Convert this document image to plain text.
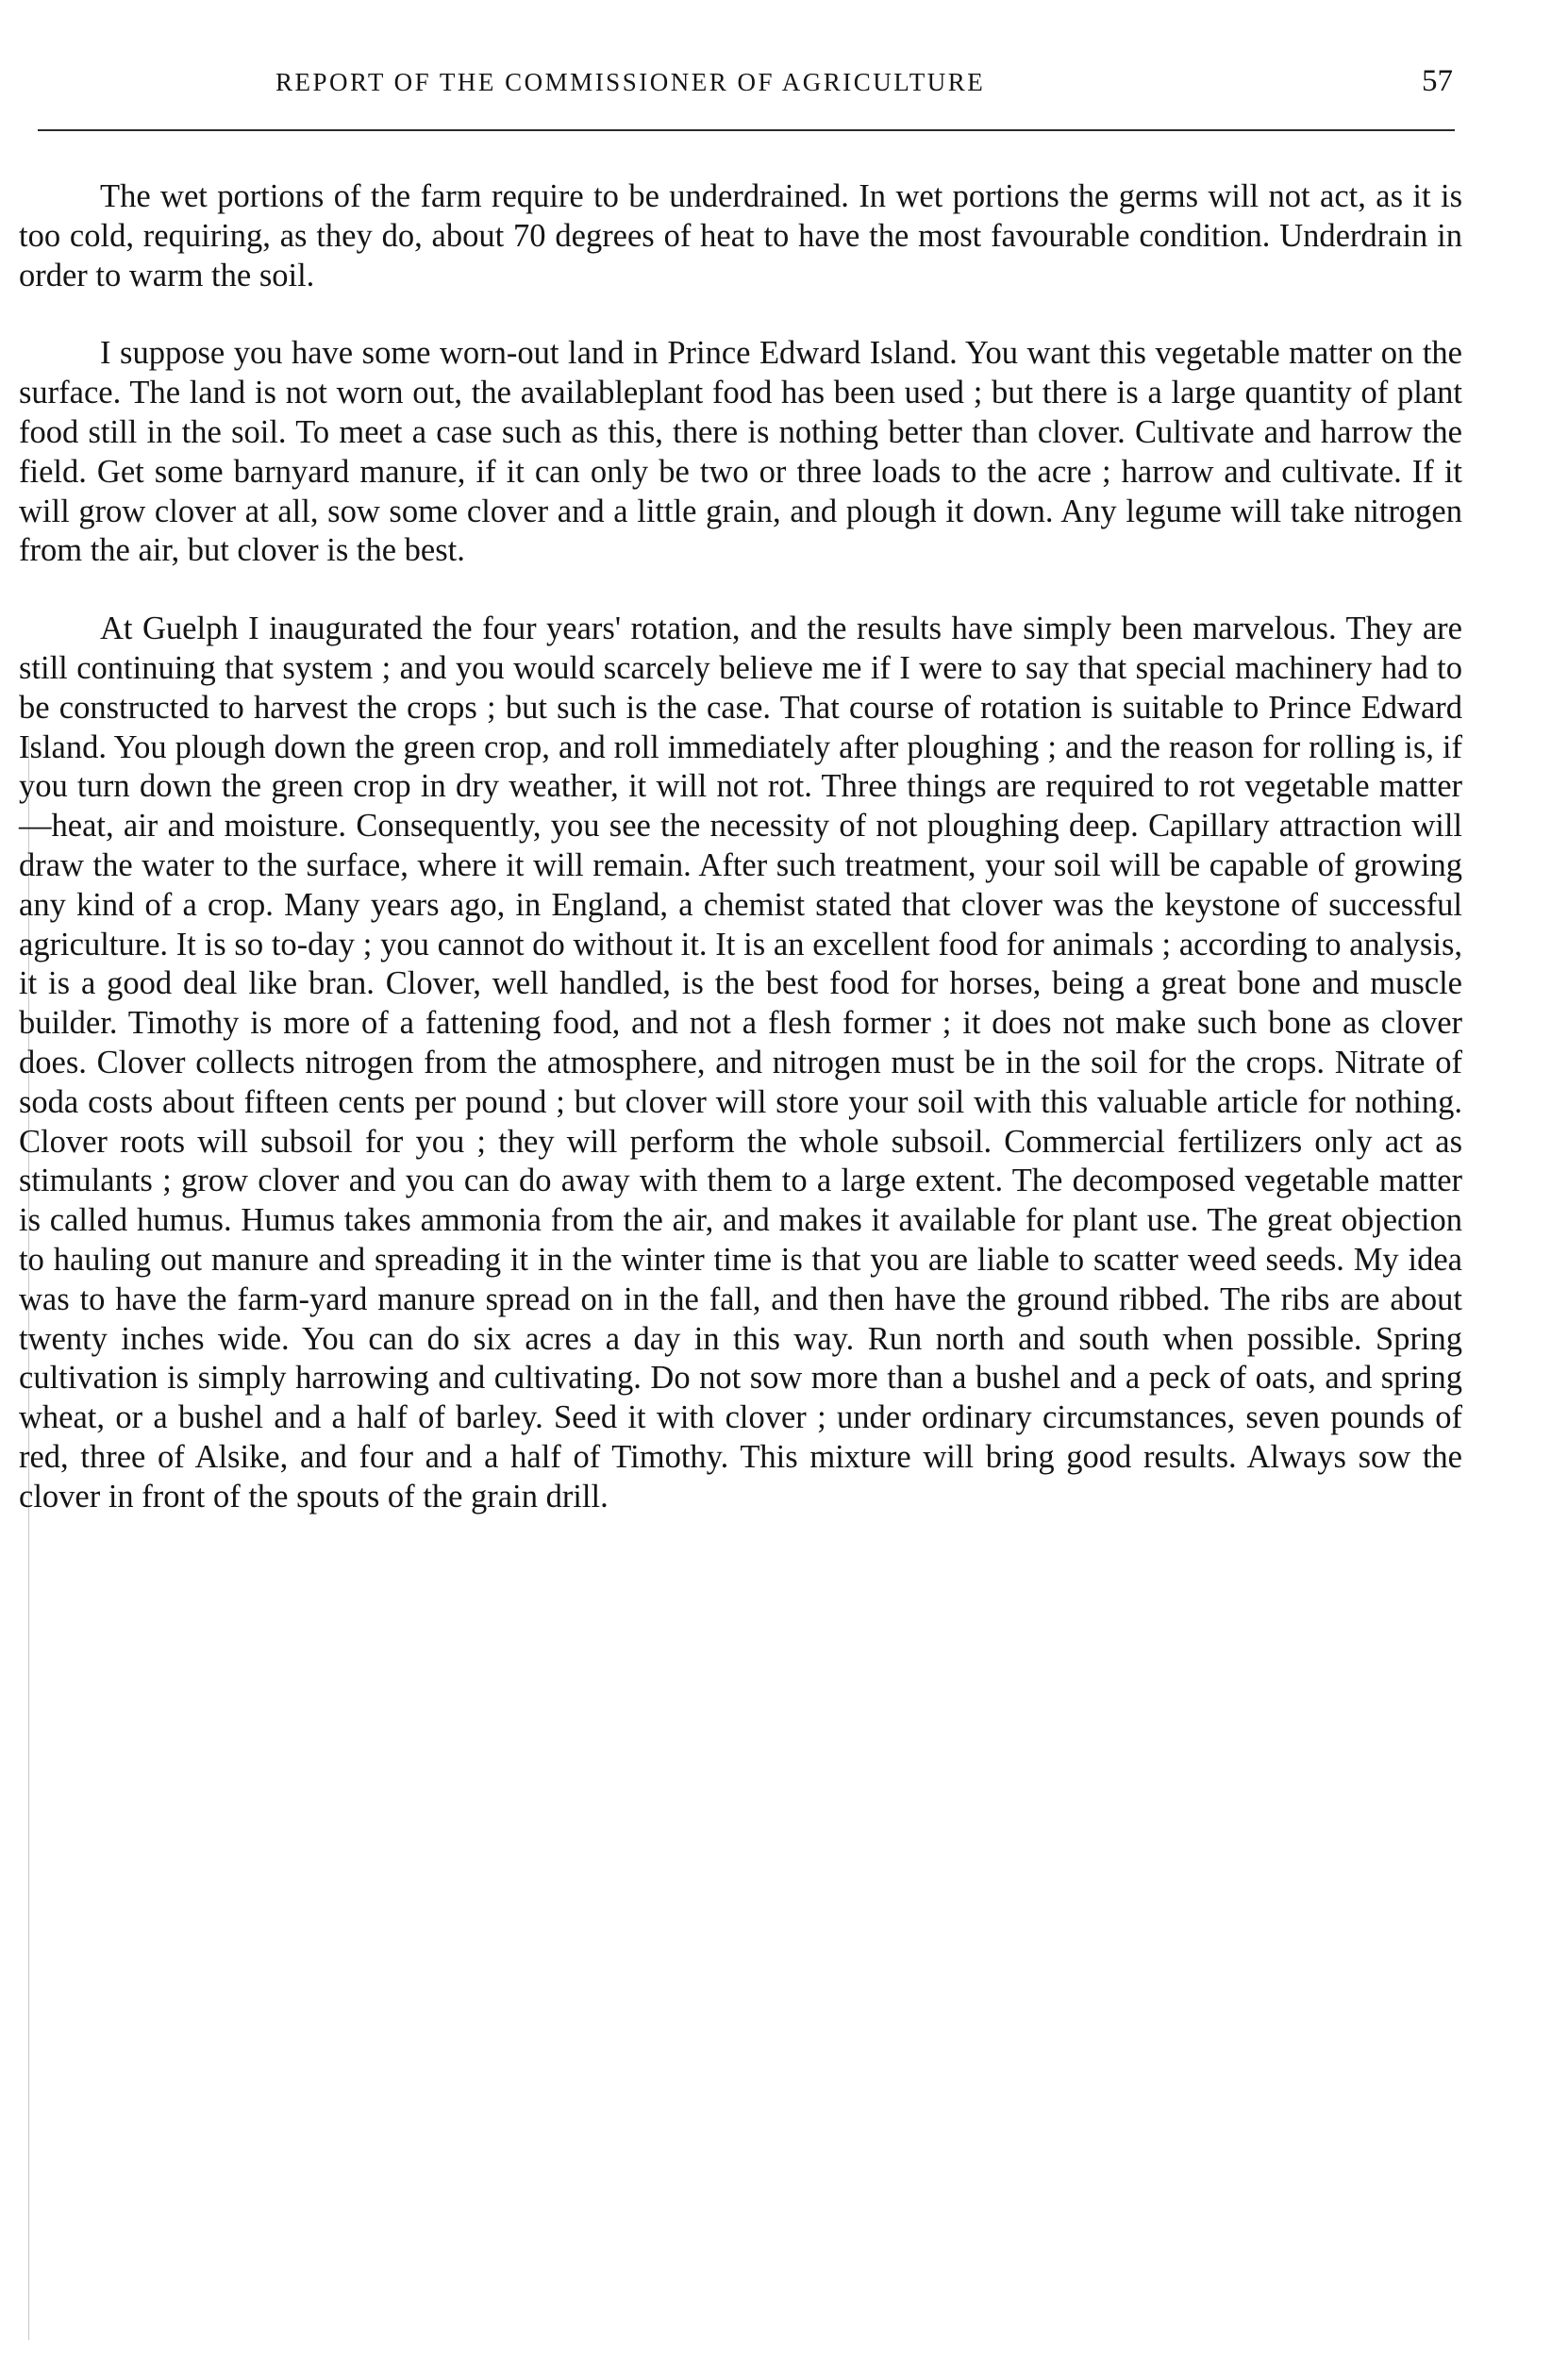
REPORT OF THE COMMISSIONER OF AGRICULTURE	57

The wet portions of the farm require to be underdrained. In wet portions the germs will not act, as it is too cold, requiring, as they do, about 70 degrees of heat to have the most favourable condition. Underdrain in order to warm the soil.

I suppose you have some worn-out land in Prince Edward Island. You want this vegetable matter on the surface. The land is not worn out, the availableplant food has been used ; but there is a large quantity of plant food still in the soil. To meet a case such as this, there is nothing better than clover. Cultivate and harrow the field. Get some barnyard manure, if it can only be two or three loads to the acre ; harrow and cultivate. If it will grow clover at all, sow some clover and a little grain, and plough it down. Any legume will take nitrogen from the air, but clover is the best.

At Guelph I inaugurated the four years' rotation, and the results have simply been marvelous. They are still continuing that system ; and you would scarcely believe me if I were to say that special machinery had to be constructed to harvest the crops ; but such is the case. That course of rotation is suitable to Prince Edward Island. You plough down the green crop, and roll immediately after ploughing ; and the reason for rolling is, if you turn down the green crop in dry weather, it will not rot. Three things are required to rot vegetable matter—heat, air and moisture. Consequently, you see the necessity of not ploughing deep. Capillary attraction will draw the water to the surface, where it will remain. After such treatment, your soil will be capable of growing any kind of a crop. Many years ago, in England, a chemist stated that clover was the keystone of successful agriculture. It is so to-day ; you cannot do without it. It is an excellent food for animals ; according to analysis, it is a good deal like bran. Clover, well handled, is the best food for horses, being a great bone and muscle builder. Timothy is more of a fattening food, and not a flesh former ; it does not make such bone as clover does. Clover collects nitrogen from the atmosphere, and nitrogen must be in the soil for the crops. Nitrate of soda costs about fifteen cents per pound ; but clover will store your soil with this valuable article for nothing. Clover roots will subsoil for you ; they will perform the whole subsoil. Commercial fertilizers only act as stimulants ; grow clover and you can do away with them to a large extent. The decomposed vegetable matter is called humus. Humus takes ammonia from the air, and makes it available for plant use. The great objection to hauling out manure and spreading it in the winter time is that you are liable to scatter weed seeds. My idea was to have the farm-yard manure spread on in the fall, and then have the ground ribbed. The ribs are about twenty inches wide. You can do six acres a day in this way. Run north and south when possible. Spring cultivation is simply harrowing and cultivating. Do not sow more than a bushel and a peck of oats, and spring wheat, or a bushel and a half of barley. Seed it with clover ; under ordinary circumstances, seven pounds of red, three of Alsike, and four and a half of Timothy. This mixture will bring good results. Always sow the clover in front of the spouts of the grain drill.
